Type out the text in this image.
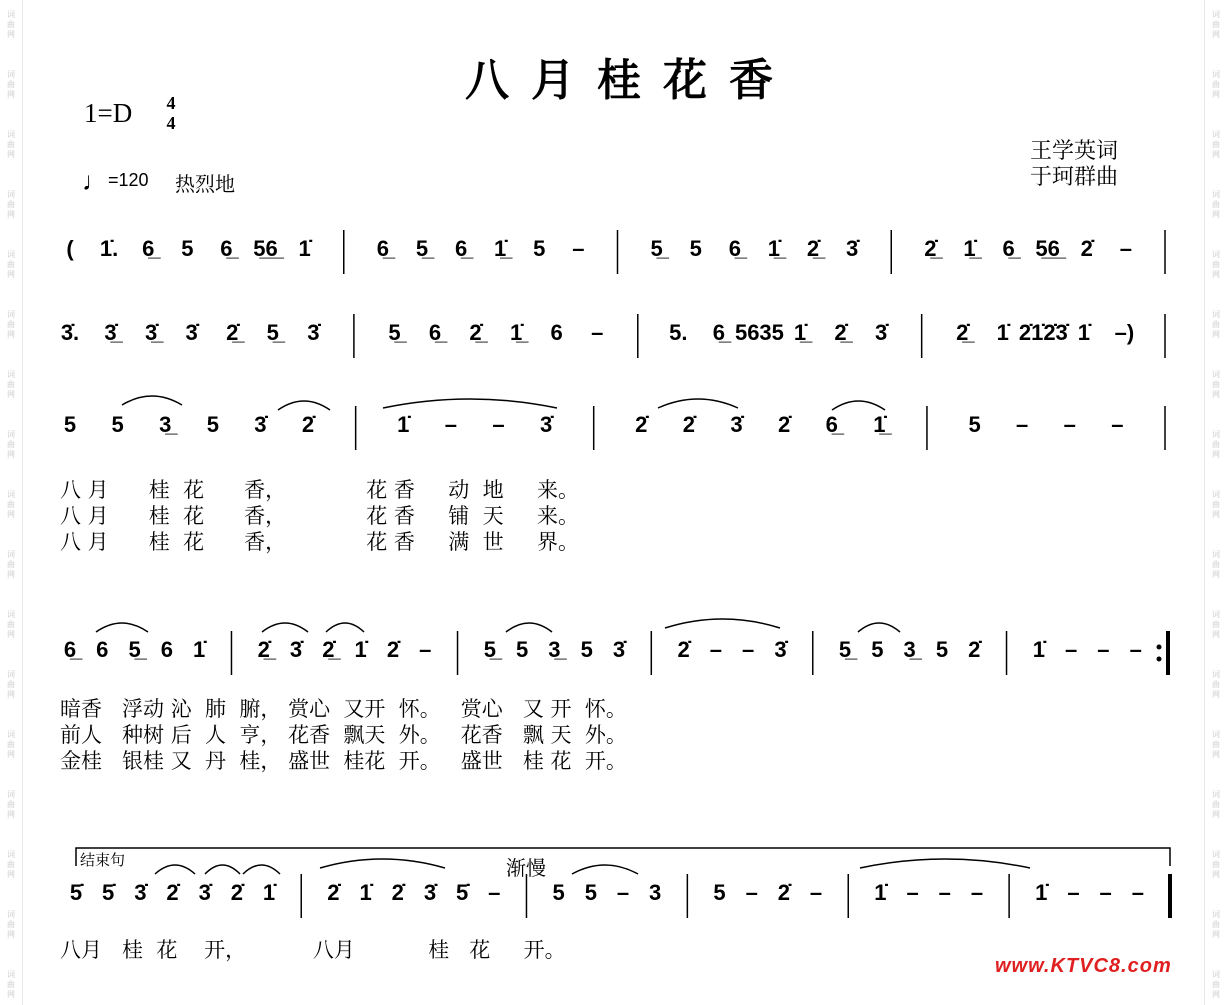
词
曲
网
词
曲
网
词
曲
网
词
曲
网
词
曲
网
词
曲
网
词
曲
网
词
曲
网
词
曲
网
词
曲
网
词
曲
网
词
曲
网
词
曲
网
词
曲
网
词
曲
网
词
曲
网
词
曲
网
词
曲
网
词
曲
网
词
曲
网
词
曲
网
词
曲
网
词
曲
网
词
曲
网
词
曲
网
词
曲
网
词
曲
网
词
曲
网
词
曲
网
词
曲
网
词
曲
网
词
曲
网
词
曲
网
词
曲
网
八月桂花香
1=D	4
4
♩=120 热烈地
王学英词
于珂群曲
( 1̇. 6̲	5 6̲ 5̲6̲ 1̇	6̲	5̲	6̲	1̲̇	5 –	5̲	5 6̲	1̲̇	2̲̇	3̇	2̲̇	1̲̇	6̲ 5̲6̲ 2̇ –
3̇. 3̲̇	3̲̇	3̇ 2̲̇	5̲	3̇	5̲	6̲	2̲̇	1̲̇	6 –	5. 6̲ 5635 1̲̇	2̲̇	3̇	2̲̇	1̇ 2̇1̇2̇3̇ 1̇ –)
5 5 3̲	5 3̇ 2̇	1̇ – – 3̇	2̇ 2̇ 3̇ 2̇ 6̲	1̲̇	5 – – –
6̲ 6 5̲ 6 1̇ 2̲̇ 3̇ 2̲̇ 1̇ 2̇ – 5̲ 5 3̲ 5 3̇ 2̇ – – 3̇ 5̲ 5 3̲ 5 2̇ 1̇ – – –
5̇ 5̇ 3̇ 2̇ 3̇ 2̇ 1̇ 2̇ 1̇ 2̇ 3̇ 5̇ – 5 5 – 3 5 – 2̇ – 1̇ – – – 1̇ – – –
八 月      桂  花      香，            花 香     动  地     来。
八 月      桂  花      香，            花 香     铺  天     来。
八 月      桂  花      香，            花 香     满  世     界。
暗香   浮动 沁  肺  腑， 赏心  又开  怀。   赏心   又 开  怀。
前人   种树 后  人  亨， 花香  飘天  外。   花香   飘 天  外。
金桂   银桂 又  丹  桂， 盛世  桂花  开。   盛世   桂 花  开。
八月   桂  花    开，          八月           桂   花     开。
结束句	渐慢
www.KTVC8.com
